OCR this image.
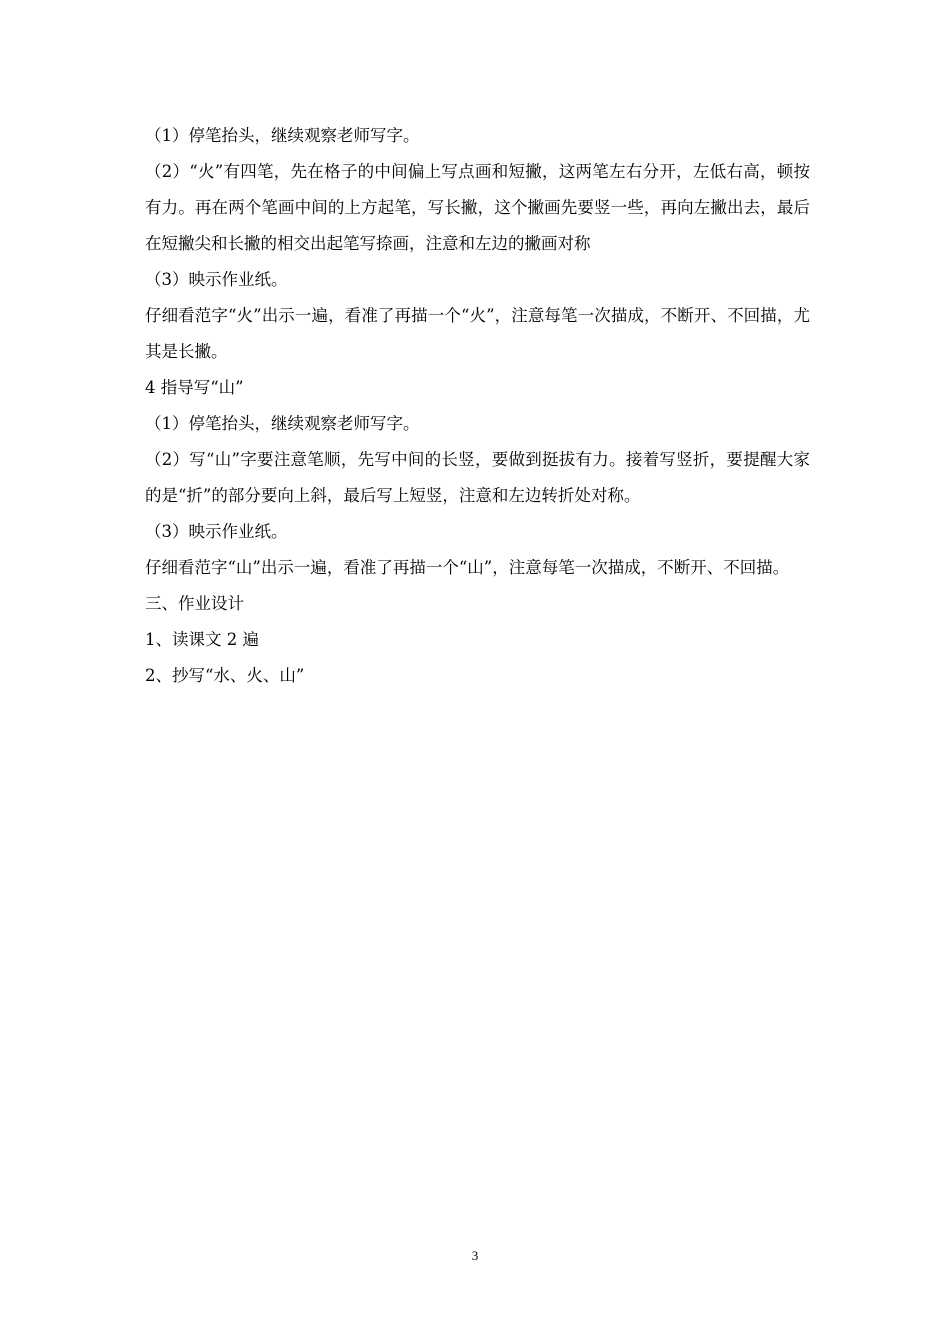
（1）停笔抬头，继续观察老师写字。

（2）“火”有四笔，先在格子的中间偏上写点画和短撇，这两笔左右分开，左低右高，顿按有力。再在两个笔画中间的上方起笔，写长撇，这个撇画先要竖一些，再向左撇出去，最后在短撇尖和长撇的相交出起笔写捺画，注意和左边的撇画对称

（3）映示作业纸。

仔细看范字“火”出示一遍，看准了再描一个“火”，注意每笔一次描成，不断开、不回描，尤其是长撇。

4 指导写“山”

（1）停笔抬头，继续观察老师写字。

（2）写“山”字要注意笔顺，先写中间的长竖，要做到挺拔有力。接着写竖折，要提醒大家的是“折”的部分要向上斜，最后写上短竖，注意和左边转折处对称。

（3）映示作业纸。

仔细看范字“山”出示一遍，看准了再描一个“山”，注意每笔一次描成，不断开、不回描。

三、作业设计

1、读课文 2 遍

2、抄写“水、火、山”

3
